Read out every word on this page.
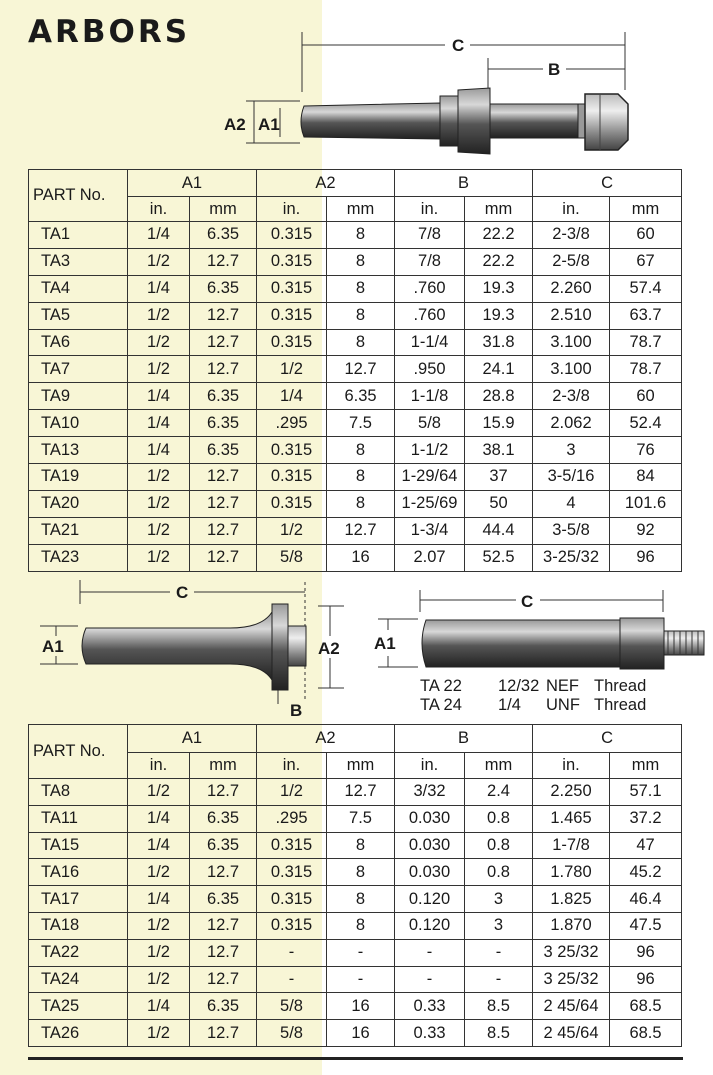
ARBORS	C
B
A2 A1
C
A1	A2
B
C
A1
TA 22 12/32 NEF Thread
TA 24 1/4 UNF Thread
PART No.	A1		A2		B		C	
	in.	mm	in.	mm	in.	mm	in.	mm
TA1	1/4	6.35	0.315	8	7/8	22.2	2-3/8	60
TA3	1/2	12.7	0.315	8	7/8	22.2	2-5/8	67
TA4	1/4	6.35	0.315	8	.760	19.3	2.260	57.4
TA5	1/2	12.7	0.315	8	.760	19.3	2.510	63.7
TA6	1/2	12.7	0.315	8	1-1/4	31.8	3.100	78.7
TA7	1/2	12.7	1/2	12.7	.950	24.1	3.100	78.7
TA9	1/4	6.35	1/4	6.35	1-1/8	28.8	2-3/8	60
TA10	1/4	6.35	.295	7.5	5/8	15.9	2.062	52.4
TA13	1/4	6.35	0.315	8	1-1/2	38.1	3	76
TA19	1/2	12.7	0.315	8	1-29/64	37	3-5/16	84
TA20	1/2	12.7	0.315	8	1-25/69	50	4	101.6
TA21	1/2	12.7	1/2	12.7	1-3/4	44.4	3-5/8	92
TA23	1/2	12.7	5/8	16	2.07	52.5	3-25/32	96
PART No.	A1		A2		B		C	
	in.	mm	in.	mm	in.	mm	in.	mm
TA8	1/2	12.7	1/2	12.7	3/32	2.4	2.250	57.1
TA11	1/4	6.35	.295	7.5	0.030	0.8	1.465	37.2
TA15	1/4	6.35	0.315	8	0.030	0.8	1-7/8	47
TA16	1/2	12.7	0.315	8	0.030	0.8	1.780	45.2
TA17	1/4	6.35	0.315	8	0.120	3	1.825	46.4
TA18	1/2	12.7	0.315	8	0.120	3	1.870	47.5
TA22	1/2	12.7	-	-	-	-	3 25/32	96
TA24	1/2	12.7	-	-	-	-	3 25/32	96
TA25	1/4	6.35	5/8	16	0.33	8.5	2 45/64	68.5
TA26	1/2	12.7	5/8	16	0.33	8.5	2 45/64	68.5
